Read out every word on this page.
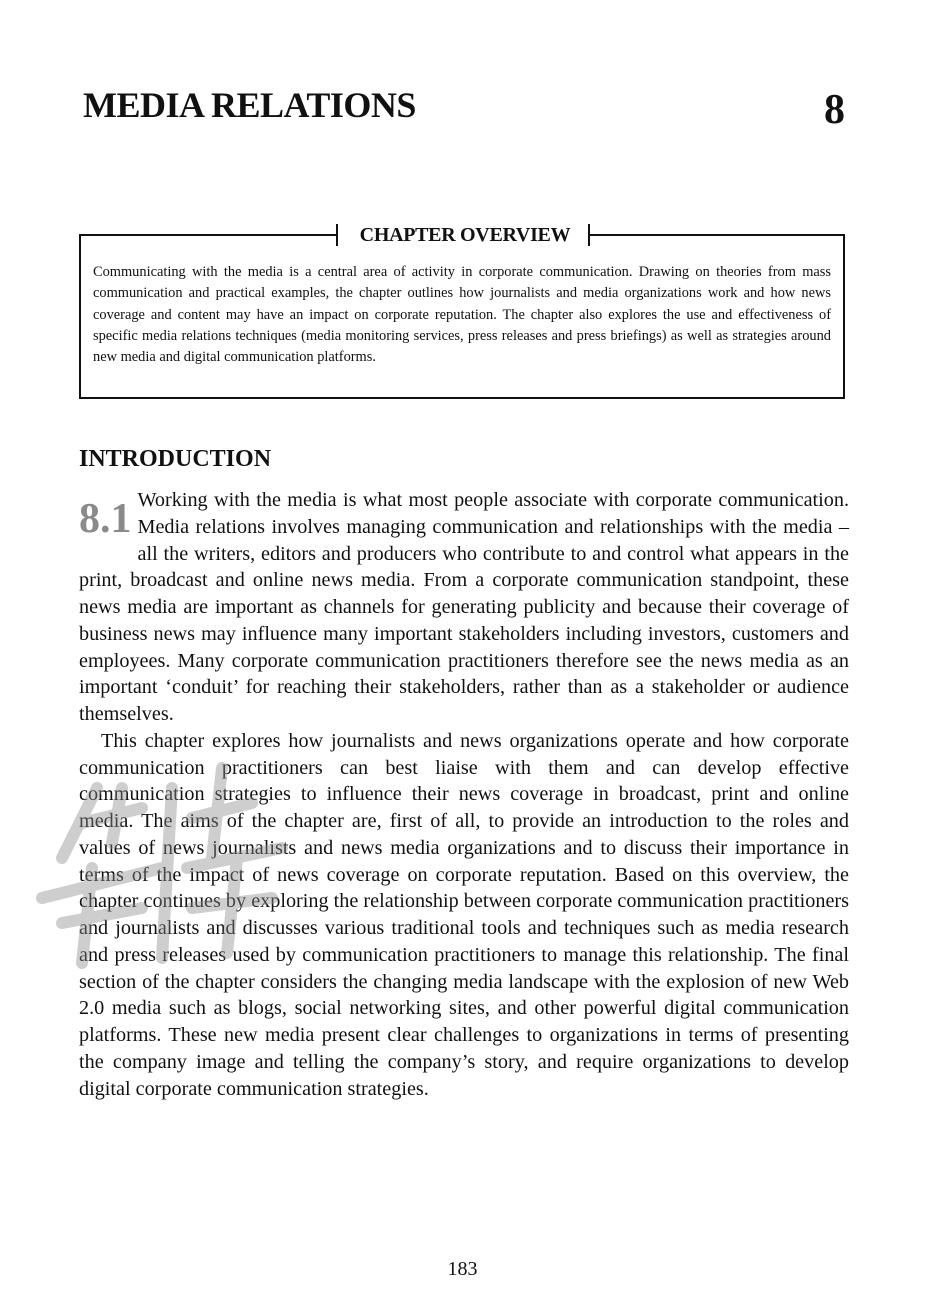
MEDIA RELATIONS	8
CHAPTER OVERVIEW

Communicating with the media is a central area of activity in corporate communication. Drawing on theories from mass communication and practical examples, the chapter outlines how journalists and media organizations work and how news coverage and content may have an impact on corporate reputation. The chapter also explores the use and effectiveness of specific media relations techniques (media monitoring services, press releases and press briefings) as well as strategies around new media and digital communication platforms.

INTRODUCTION
8.1 Working with the media is what most people associate with corporate communication. Media relations involves managing communication and relationships with the media – all the writers, editors and producers who contribute to and control what appears in the print, broadcast and online news media. From a corporate communication standpoint, these news media are important as channels for generating publicity and because their coverage of business news may influence many important stakeholders including investors, customers and employees. Many corporate communication practitioners therefore see the news media as an important ‘conduit’ for reaching their stakeholders, rather than as a stakeholder or audience themselves.

This chapter explores how journalists and news organizations operate and how corporate communication practitioners can best liaise with them and can develop effective communication strategies to influence their news coverage in broadcast, print and online media. The aims of the chapter are, first of all, to provide an introduction to the roles and values of news journalists and news media organizations and to discuss their importance in terms of the impact of news coverage on corporate reputation. Based on this overview, the chapter continues by exploring the relationship between corporate communication practitioners and journalists and discusses various traditional tools and techniques such as media research and press releases used by communication practitioners to manage this relationship. The final section of the chapter considers the changing media landscape with the explosion of new Web 2.0 media such as blogs, social networking sites, and other powerful digital communication platforms. These new media present clear challenges to organizations in terms of presenting the company image and telling the company’s story, and require organizations to develop digital corporate communication strategies.

183
